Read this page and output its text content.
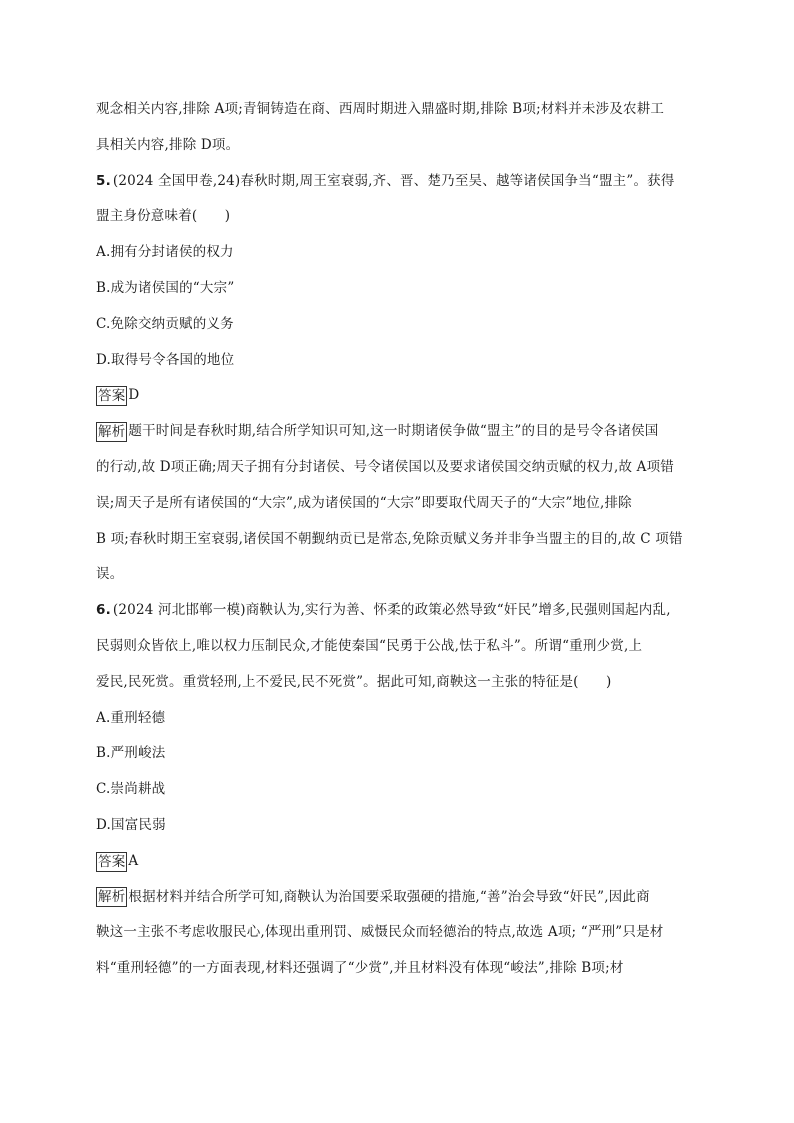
观念相关内容,排除 A项;青铜铸造在商、西周时期进入鼎盛时期,排除 B项;材料并未涉及农耕工
具相关内容,排除 D项。
5. (2024 全国甲卷,24)春秋时期,周王室衰弱,齐、晋、楚乃至吴、越等诸侯国争当“盟主”。获得
盟主身份意味着(　　)
A.拥有分封诸侯的权力
B.成为诸侯国的“大宗”
C.免除交纳贡赋的义务
D.取得号令各国的地位
答案 D
解析 题干时间是春秋时期,结合所学知识可知,这一时期诸侯争做“盟主”的目的是号令各诸侯国
的行动,故 D项正确;周天子拥有分封诸侯、号令诸侯国以及要求诸侯国交纳贡赋的权力,故 A项错
误;周天子是所有诸侯国的“大宗”,成为诸侯国的“大宗”即要取代周天子的“大宗”地位,排除
B 项;春秋时期王室衰弱,诸侯国不朝觐纳贡已是常态,免除贡赋义务并非争当盟主的目的,故 C 项错
误。
6. (2024 河北邯郸一模)商鞅认为,实行为善、怀柔的政策必然导致“奸民”增多,民强则国起内乱,
民弱则众皆依上,唯以权力压制民众,才能使秦国“民勇于公战,怯于私斗”。所谓“重刑少赏,上
爱民,民死赏。重赏轻刑,上不爱民,民不死赏”。据此可知,商鞅这一主张的特征是(　　)
A.重刑轻德
B.严刑峻法
C.崇尚耕战
D.国富民弱
答案 A
解析 根据材料并结合所学可知,商鞅认为治国要采取强硬的措施,“善”治会导致“奸民”,因此商
鞅这一主张不考虑收服民心,体现出重刑罚、威慑民众而轻德治的特点,故选 A项; “严刑”只是材
料“重刑轻德”的一方面表现,材料还强调了“少赏”,并且材料没有体现“峻法”,排除 B项;材
